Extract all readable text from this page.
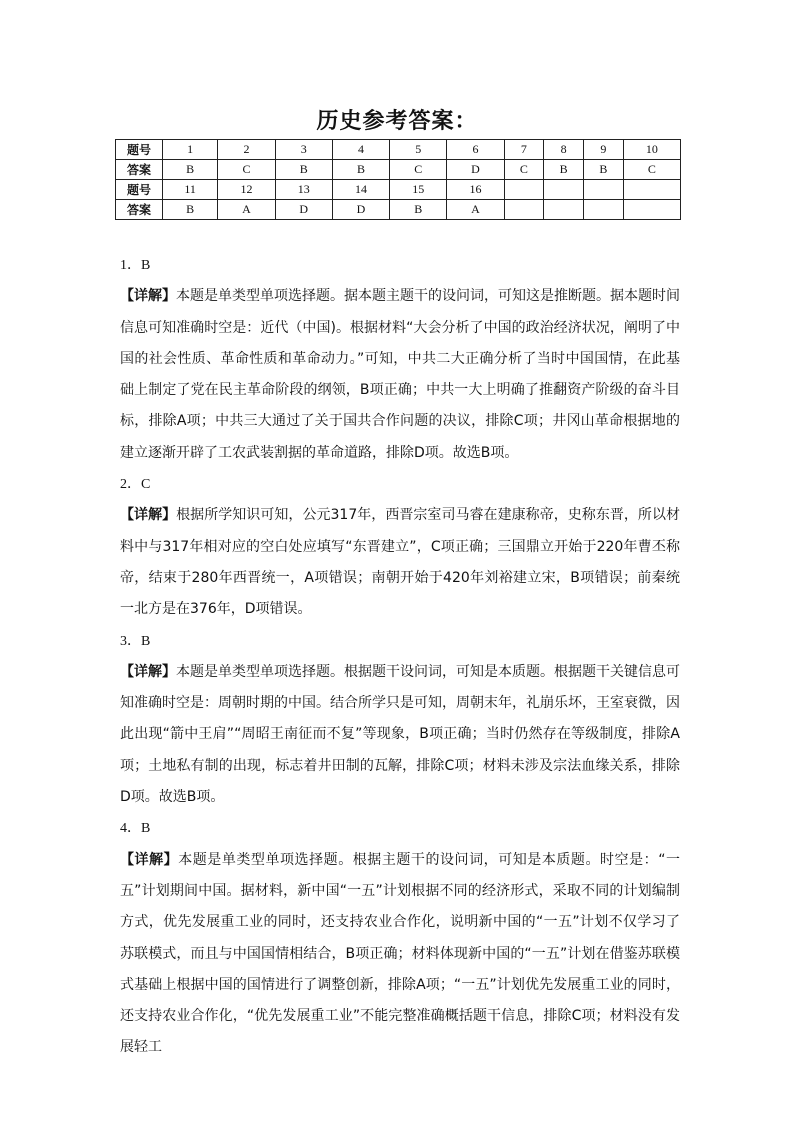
历史参考答案：
题号	1	2	3	4	5	6	7	8	9	10
答案	B	C	B	B	C	D	C	B	B	C
题号	11	12	13	14	15	16				
答案	B	A	D	D	B	A				

1．B

【详解】本题是单类型单项选择题。据本题主题干的设问词，可知这是推断题。据本题时间信息可知准确时空是：近代（中国)。根据材料“大会分析了中国的政治经济状况，阐明了中国的社会性质、革命性质和革命动力。”可知，中共二大正确分析了当时中国国情，在此基础上制定了党在民主革命阶段的纲领，B项正确；中共一大上明确了推翻资产阶级的奋斗目标，排除A项；中共三大通过了关于国共合作问题的决议，排除C项；井冈山革命根据地的建立逐渐开辟了工农武装割据的革命道路，排除D项。故选B项。

2．C

【详解】根据所学知识可知，公元317年，西晋宗室司马睿在建康称帝，史称东晋，所以材料中与317年相对应的空白处应填写“东晋建立”，C项正确；三国鼎立开始于220年曹丕称帝，结束于280年西晋统一，A项错误；南朝开始于420年刘裕建立宋，B项错误；前秦统一北方是在376年，D项错误。

3．B

【详解】本题是单类型单项选择题。根据题干设问词，可知是本质题。根据题干关键信息可知准确时空是：周朝时期的中国。结合所学只是可知，周朝末年，礼崩乐坏，王室衰微，因此出现“箭中王肩”“周昭王南征而不复”等现象，B项正确；当时仍然存在等级制度，排除A项；土地私有制的出现，标志着井田制的瓦解，排除C项；材料未涉及宗法血缘关系，排除D项。故选B项。

4．B

【详解】本题是单类型单项选择题。根据主题干的设问词，可知是本质题。时空是：“一五”计划期间中国。据材料，新中国“一五”计划根据不同的经济形式，采取不同的计划编制方式，优先发展重工业的同时，还支持农业合作化，说明新中国的“一五”计划不仅学习了苏联模式，而且与中国国情相结合，B项正确；材料体现新中国的“一五”计划在借鉴苏联模式基础上根据中国的国情进行了调整创新，排除A项；“一五”计划优先发展重工业的同时，还支持农业合作化，“优先发展重工业”不能完整准确概括题干信息，排除C项；材料没有发展轻工
